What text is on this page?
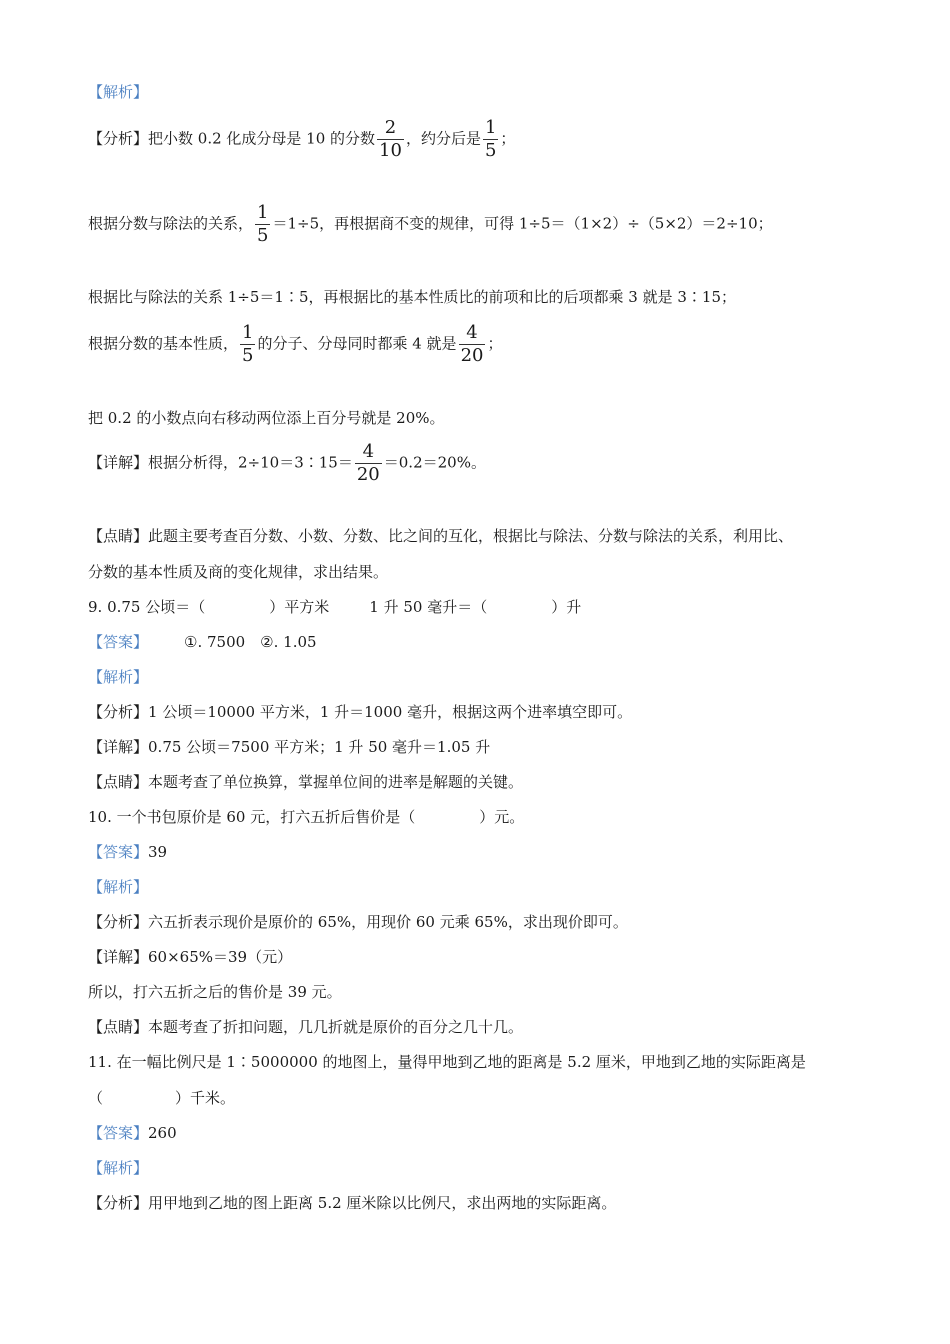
【解析】
【分析】把小数 0.2 化成分母是 10 的分数 $\frac{2}{10}$ ，约分后是 $\frac{1}{5}$ ；
根据分数与除法的关系， $\frac{1}{5} =1\div 5$，再根据商不变的规律，可得 1÷5＝（1×2）÷（5×2）＝2÷10；
根据比与除法的关系 1÷5＝1∶5，再根据比的基本性质比的前项和比的后项都乘 3 就是 3∶15；
根据分数的基本性质， $\frac{1}{5}$ 的分子、分母同时都乘 4 就是 $\frac{4}{20}$ ；
把 0.2 的小数点向右移动两位添上百分号就是 20%。
【详解】根据分析得，2÷10＝3∶15＝ $\frac{4}{20} =0.2=20\%$。
【点睛】此题主要考查百分数、小数、分数、比之间的互化，根据比与除法、分数与除法的关系，利用比、
分数的基本性质及商的变化规律，求出结果。
9. 0.75 公顷＝（	）平方米	1 升 50 毫升＝（	）升
【答案】 ①. 7500　②. 1.05
【解析】
【分析】1 公顷＝10000 平方米，1 升＝1000 毫升，根据这两个进率填空即可。
【详解】0.75 公顷＝7500 平方米；1 升 50 毫升＝1.05 升
【点睛】本题考查了单位换算，掌握单位间的进率是解题的关键。
10. 一个书包原价是 60 元，打六五折后售价是（	）元。
【答案】39
【解析】
【分析】六五折表示现价是原价的 65%，用现价 60 元乘 65%，求出现价即可。
【详解】60×65%＝39（元）
所以，打六五折之后的售价是 39 元。
【点睛】本题考查了折扣问题，几几折就是原价的百分之几十几。
11. 在一幅比例尺是 1∶5000000 的地图上，量得甲地到乙地的距离是 5.2 厘米，甲地到乙地的实际距离是
（	）千米。
【答案】260
【解析】
【分析】用甲地到乙地的图上距离 5.2 厘米除以比例尺，求出两地的实际距离。
